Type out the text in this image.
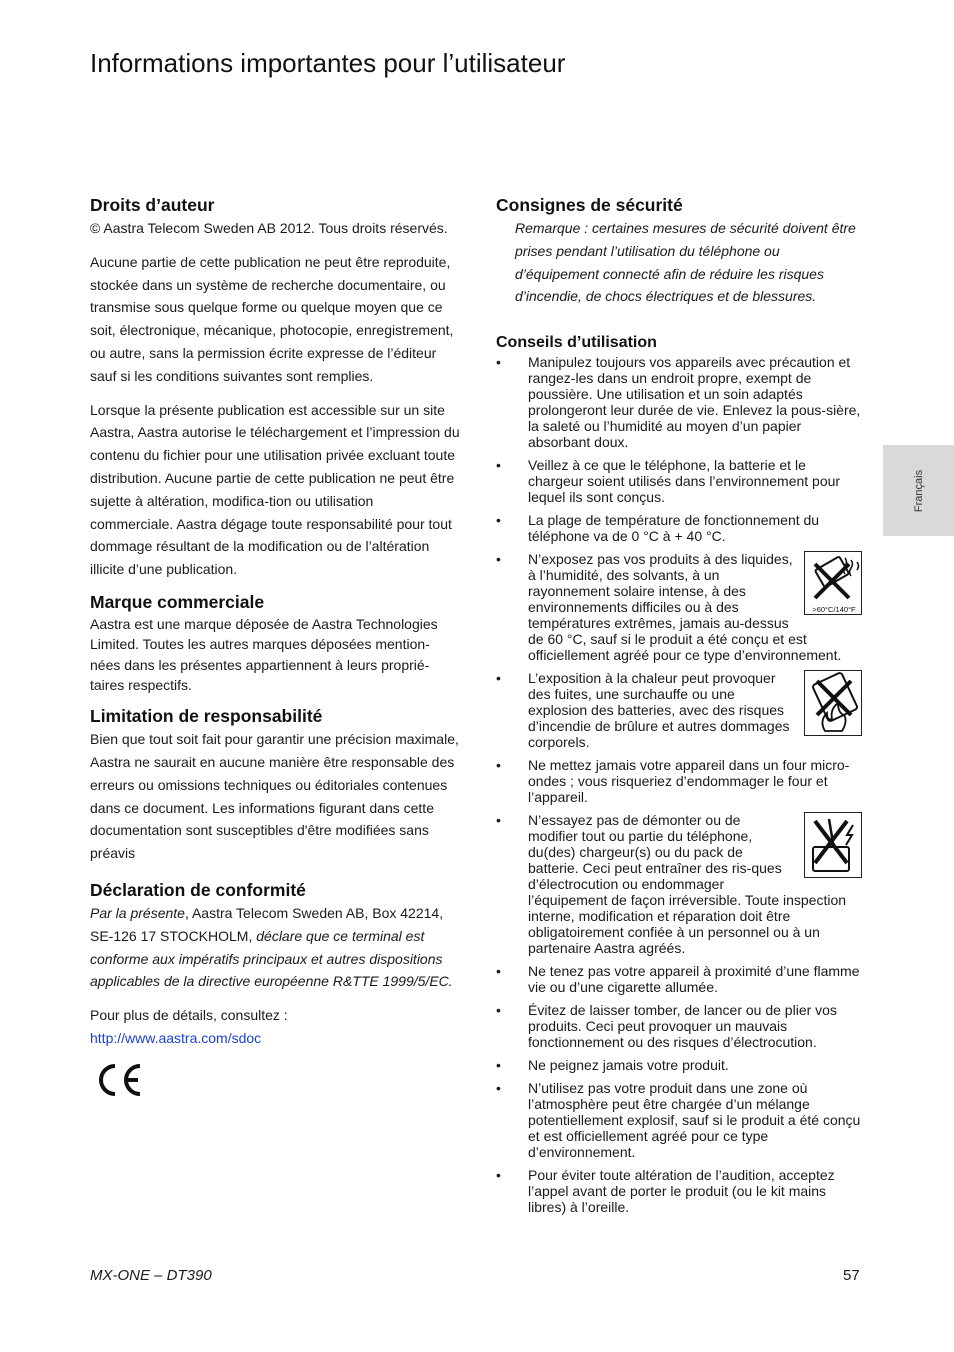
Informations importantes pour l’utilisateur
Droits d’auteur

© Aastra Telecom Sweden AB 2012. Tous droits réservés.

Aucune partie de cette publication ne peut être reproduite, stockée dans un système de recherche documentaire, ou transmise sous quelque forme ou quelque moyen que ce soit, électronique, mécanique, photocopie, enregistrement, ou autre, sans la permission écrite expresse de l’éditeur sauf si les conditions suivantes sont remplies.

Lorsque la présente publication est accessible sur un site Aastra, Aastra autorise le téléchargement et l’impression du contenu du fichier pour une utilisation privée excluant toute distribution. Aucune partie de cette publication ne peut être sujette à altération, modifica-tion ou utilisation commerciale. Aastra dégage toute responsabilité pour tout dommage résultant de la modification ou de l’altération illicite d’une publication.

Marque commerciale

Aastra est une marque déposée de Aastra Technologies Limited. Toutes les autres marques déposées mention-nées dans les présentes appartiennent à leurs proprié-taires respectifs.

Limitation de responsabilité

Bien que tout soit fait pour garantir une précision maximale, Aastra ne saurait en aucune manière être responsable des erreurs ou omissions techniques ou éditoriales contenues dans ce document. Les informations figurant dans cette documentation sont susceptibles d'être modifiées sans préavis

Déclaration de conformité

Par la présente, Aastra Telecom Sweden AB, Box 42214, SE-126 17 STOCKHOLM, déclare que ce terminal est conforme aux impératifs principaux et autres dispositions applicables de la directive européenne R&TTE 1999/5/EC.

Pour plus de détails, consultez :

http://www.aastra.com/sdoc

Consignes de sécurité
Remarque : certaines mesures de sécurité doivent être prises pendant l’utilisation du téléphone ou d’équipement connecté afin de réduire les risques d’incendie, de chocs électriques et de blessures.
Conseils d’utilisation
• Manipulez toujours vos appareils avec précaution et rangez-les dans un endroit propre, exempt de poussière. Une utilisation et un soin adaptés prolongeront leur durée de vie. Enlevez la pous-sière, la saleté ou l’humidité au moyen d’un papier absorbant doux.
• Veillez à ce que le téléphone, la batterie et le chargeur soient utilisés dans l’environnement pour lequel ils sont conçus.
• La plage de température de fonctionnement du téléphone va de 0 °C à + 40 °C.
•
>60°C/140°F
N’exposez pas vos produits à des liquides, à l’humidité, des solvants, à un rayonnement solaire intense, à des environnements difficiles ou à des températures extrêmes, jamais au-dessus de 60 °C, sauf si le produit a été conçu et est officiellement agréé pour ce type d’environnement.
• L’exposition à la chaleur peut provoquer des fuites, une surchauffe ou une explosion des batteries, avec des risques d’incendie de brûlure et autres dommages corporels.
• Ne mettez jamais votre appareil dans un four micro-ondes ; vous risqueriez d’endommager le four et l’appareil.
• N’essayez pas de démonter ou de modifier tout ou partie du téléphone, du(des) chargeur(s) ou du pack de batterie. Ceci peut entraîner des ris-ques d’électrocution ou endommager l’équipement de façon irréversible. Toute inspection interne, modification et réparation doit être obligatoirement confiée à un personnel ou à un partenaire Aastra agréés.
• Ne tenez pas votre appareil à proximité d’une flamme vie ou d’une cigarette allumée.
• Évitez de laisser tomber, de lancer ou de plier vos produits. Ceci peut provoquer un mauvais fonctionnement ou des risques d’électrocution.
• Ne peignez jamais votre produit.
• N’utilisez pas votre produit dans une zone où l’atmosphère peut être chargée d’un mélange potentiellement explosif, sauf si le produit a été conçu et est officiellement agréé pour ce type d’environnement.
• Pour éviter toute altération de l’audition, acceptez l’appel avant de porter le produit (ou le kit mains libres) à l’oreille.
Français
MX-ONE – DT390	57
